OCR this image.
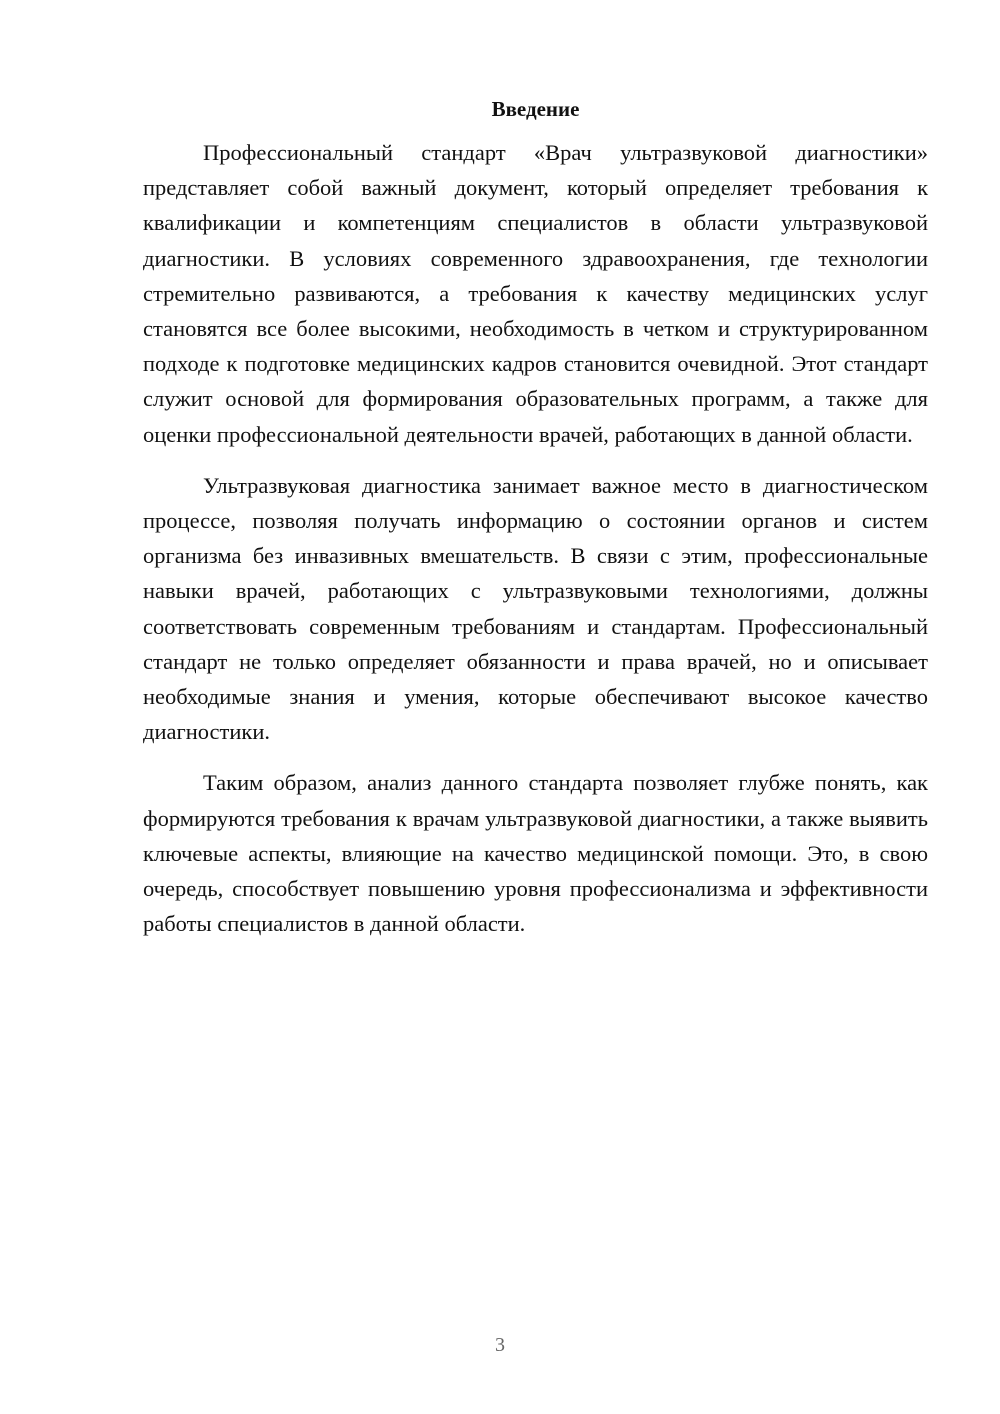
Введение

Профессиональный стандарт «Врач ультразвуковой диагностики» представляет собой важный документ, который определяет требования к квалификации и компетенциям специалистов в области ультразвуковой диагностики. В условиях современного здравоохранения, где технологии стремительно развиваются, а требования к качеству медицинских услуг становятся все более высокими, необходимость в четком и структурированном подходе к подготовке медицинских кадров становится очевидной. Этот стандарт служит основой для формирования образовательных программ, а также для оценки профессиональной деятельности врачей, работающих в данной области.

Ультразвуковая диагностика занимает важное место в диагностическом процессе, позволяя получать информацию о состоянии органов и систем организма без инвазивных вмешательств. В связи с этим, профессиональные навыки врачей, работающих с ультразвуковыми технологиями, должны соответствовать современным требованиям и стандартам. Профессиональный стандарт не только определяет обязанности и права врачей, но и описывает необходимые знания и умения, которые обеспечивают высокое качество диагностики.

Таким образом, анализ данного стандарта позволяет глубже понять, как формируются требования к врачам ультразвуковой диагностики, а также выявить ключевые аспекты, влияющие на качество медицинской помощи. Это, в свою очередь, способствует повышению уровня профессионализма и эффективности работы специалистов в данной области.

3
